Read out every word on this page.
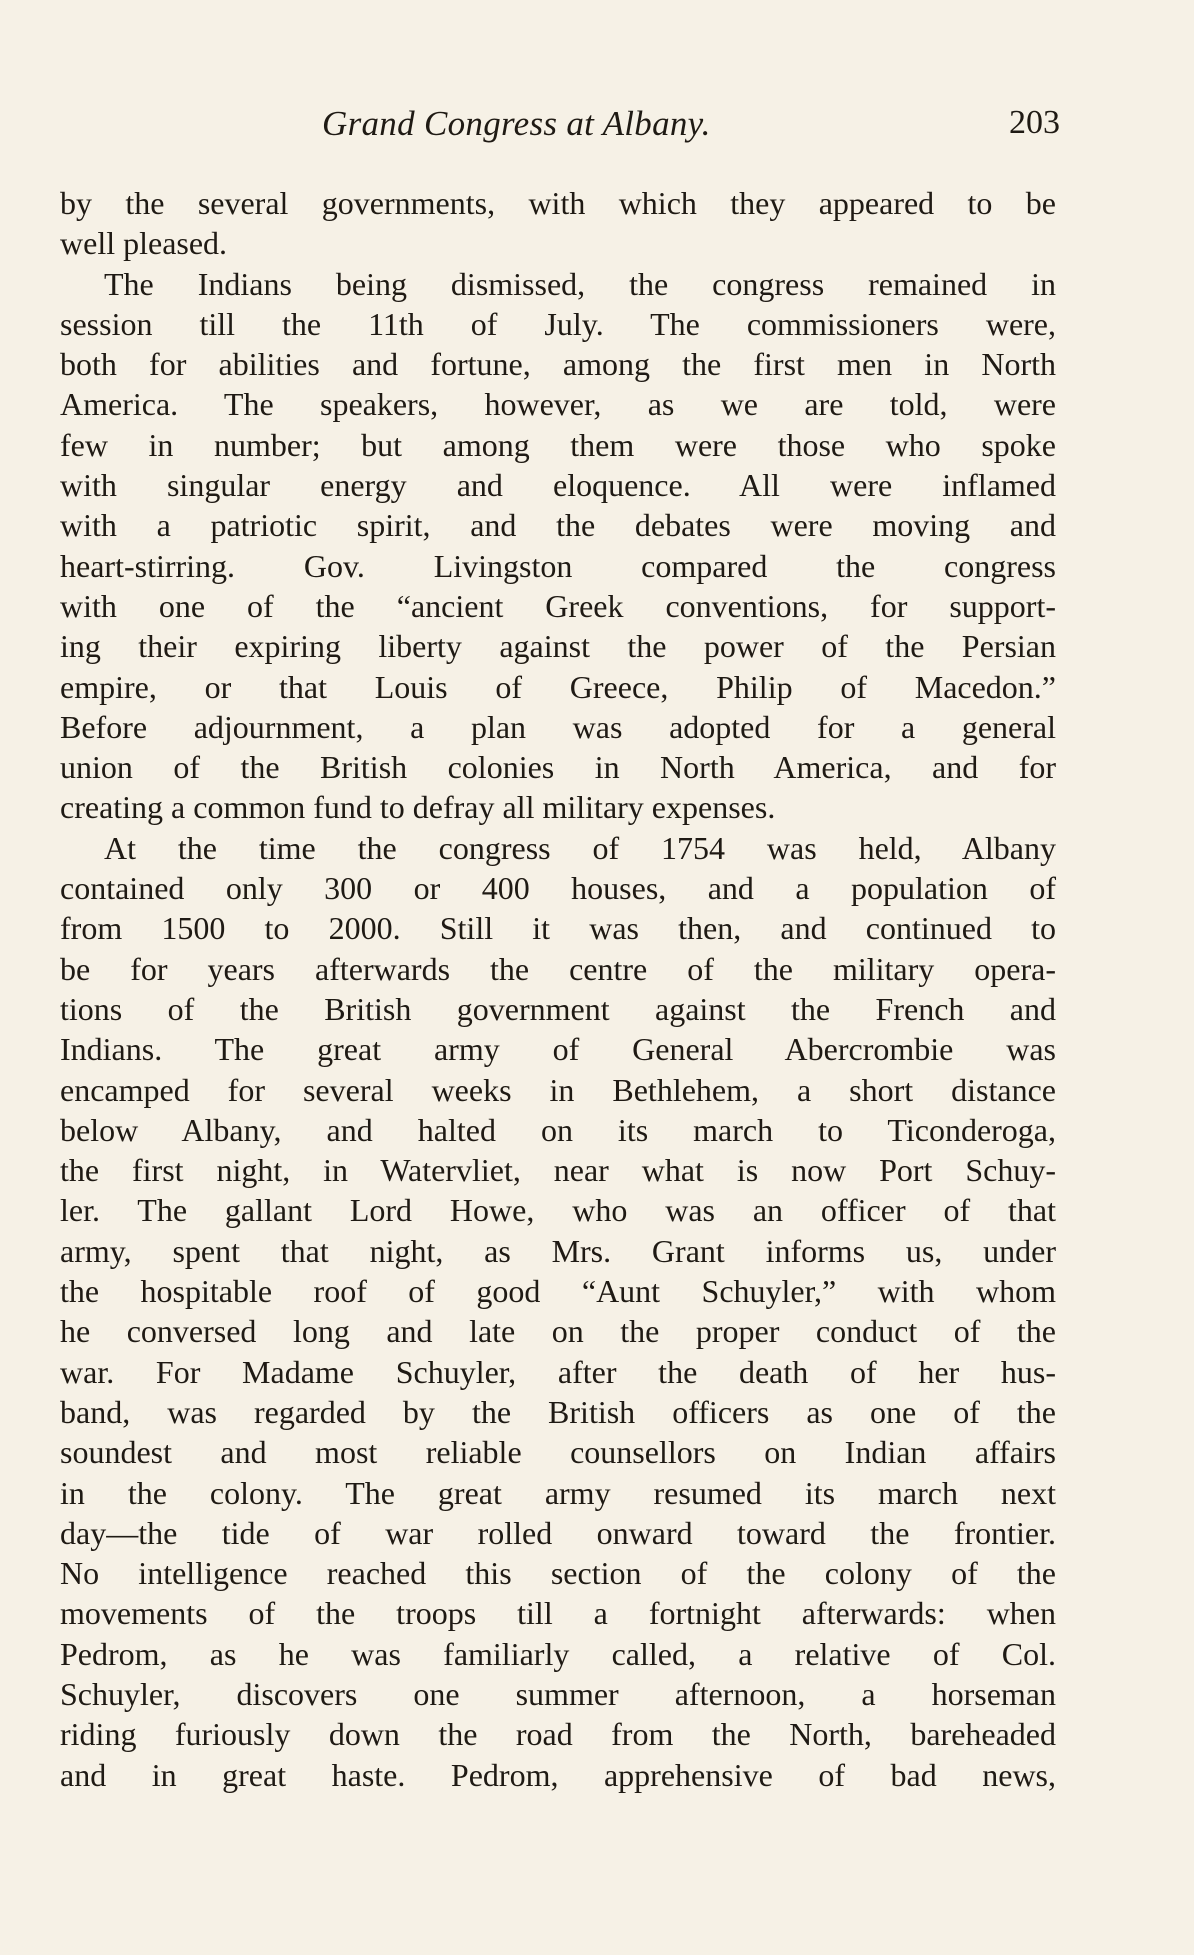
Grand Congress at Albany.	203
by the several governments, with which they appeared to be
well pleased.
The Indians being dismissed, the congress remained in
session till the 11th of July. The commissioners were,
both for abilities and fortune, among the first men in North
America. The speakers, however, as we are told, were
few in number; but among them were those who spoke
with singular energy and eloquence. All were inflamed
with a patriotic spirit, and the debates were moving and
heart-stirring. Gov. Livingston compared the congress
with one of the “ancient Greek conventions, for support-
ing their expiring liberty against the power of the Persian
empire, or that Louis of Greece, Philip of Macedon.”
Before adjournment, a plan was adopted for a general
union of the British colonies in North America, and for
creating a common fund to defray all military expenses.
At the time the congress of 1754 was held, Albany
contained only 300 or 400 houses, and a population of
from 1500 to 2000. Still it was then, and continued to
be for years afterwards the centre of the military opera-
tions of the British government against the French and
Indians. The great army of General Abercrombie was
encamped for several weeks in Bethlehem, a short distance
below Albany, and halted on its march to Ticonderoga,
the first night, in Watervliet, near what is now Port Schuy-
ler. The gallant Lord Howe, who was an officer of that
army, spent that night, as Mrs. Grant informs us, under
the hospitable roof of good “Aunt Schuyler,” with whom
he conversed long and late on the proper conduct of the
war. For Madame Schuyler, after the death of her hus-
band, was regarded by the British officers as one of the
soundest and most reliable counsellors on Indian affairs
in the colony. The great army resumed its march next
day—the tide of war rolled onward toward the frontier.
No intelligence reached this section of the colony of the
movements of the troops till a fortnight afterwards: when
Pedrom, as he was familiarly called, a relative of Col.
Schuyler, discovers one summer afternoon, a horseman
riding furiously down the road from the North, bareheaded
and in great haste. Pedrom, apprehensive of bad news,
